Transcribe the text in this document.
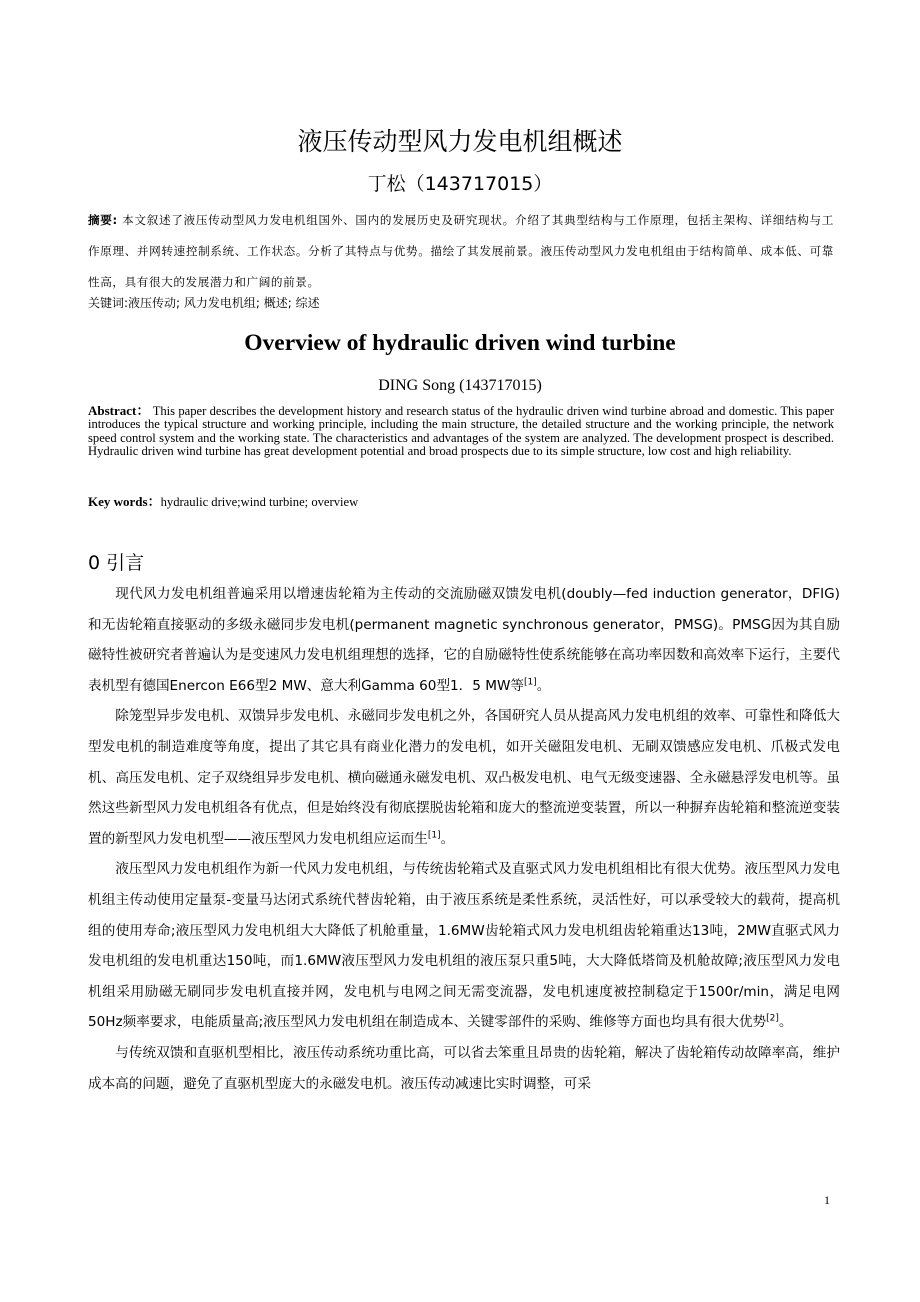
液压传动型风力发电机组概述
丁松（143717015）
摘要: 本文叙述了液压传动型风力发电机组国外、国内的发展历史及研究现状。介绍了其典型结构与工作原理，包括主架构、详细结构与工作原理、并网转速控制系统、工作状态。分析了其特点与优势。描绘了其发展前景。液压传动型风力发电机组由于结构简单、成本低、可靠性高，具有很大的发展潜力和广阔的前景。
关键词:液压传动; 风力发电机组; 概述; 综述
Overview of hydraulic driven wind turbine
DING Song (143717015)
Abstract： This paper describes the development history and research status of the hydraulic driven wind turbine abroad and domestic. This paper introduces the typical structure and working principle, including the main structure, the detailed structure and the working principle, the network speed control system and the working state. The characteristics and advantages of the system are analyzed. The development prospect is described. Hydraulic driven wind turbine has great development potential and broad prospects due to its simple structure, low cost and high reliability.
Key words：hydraulic drive;wind turbine; overview
0 引言

现代风力发电机组普遍采用以增速齿轮箱为主传动的交流励磁双馈发电机(doubly—fed induction generator，DFIG)和无齿轮箱直接驱动的多级永磁同步发电机(permanent magnetic synchronous generator，PMSG)。PMSG因为其自励磁特性被研究者普遍认为是变速风力发电机组理想的选择，它的自励磁特性使系统能够在高功率因数和高效率下运行，主要代表机型有德国Enercon E66型2 MW、意大利Gamma 60型1．5 MW等[1]。

除笼型异步发电机、双馈异步发电机、永磁同步发电机之外，各国研究人员从提高风力发电机组的效率、可靠性和降低大型发电机的制造难度等角度，提出了其它具有商业化潜力的发电机，如开关磁阻发电机、无刷双馈感应发电机、爪极式发电机、高压发电机、定子双绕组异步发电机、横向磁通永磁发电机、双凸极发电机、电气无级变速器、全永磁悬浮发电机等。虽然这些新型风力发电机组各有优点，但是始终没有彻底摆脱齿轮箱和庞大的整流逆变装置，所以一种摒弃齿轮箱和整流逆变装置的新型风力发电机型——液压型风力发电机组应运而生[1]。

液压型风力发电机组作为新一代风力发电机组，与传统齿轮箱式及直驱式风力发电机组相比有很大优势。液压型风力发电机组主传动使用定量泵-变量马达闭式系统代替齿轮箱，由于液压系统是柔性系统，灵活性好，可以承受较大的载荷，提高机组的使用寿命;液压型风力发电机组大大降低了机舱重量，1.6MW齿轮箱式风力发电机组齿轮箱重达13吨，2MW直驱式风力发电机组的发电机重达150吨，而1.6MW液压型风力发电机组的液压泵只重5吨，大大降低塔筒及机舱故障;液压型风力发电机组采用励磁无刷同步发电机直接并网，发电机与电网之间无需变流器，发电机速度被控制稳定于1500r/min，满足电网50Hz频率要求，电能质量高;液压型风力发电机组在制造成本、关键零部件的采购、维修等方面也均具有很大优势[2]。

与传统双馈和直驱机型相比，液压传动系统功重比高，可以省去笨重且昂贵的齿轮箱，解决了齿轮箱传动故障率高，维护成本高的问题，避免了直驱机型庞大的永磁发电机。液压传动减速比实时调整，可采

1
